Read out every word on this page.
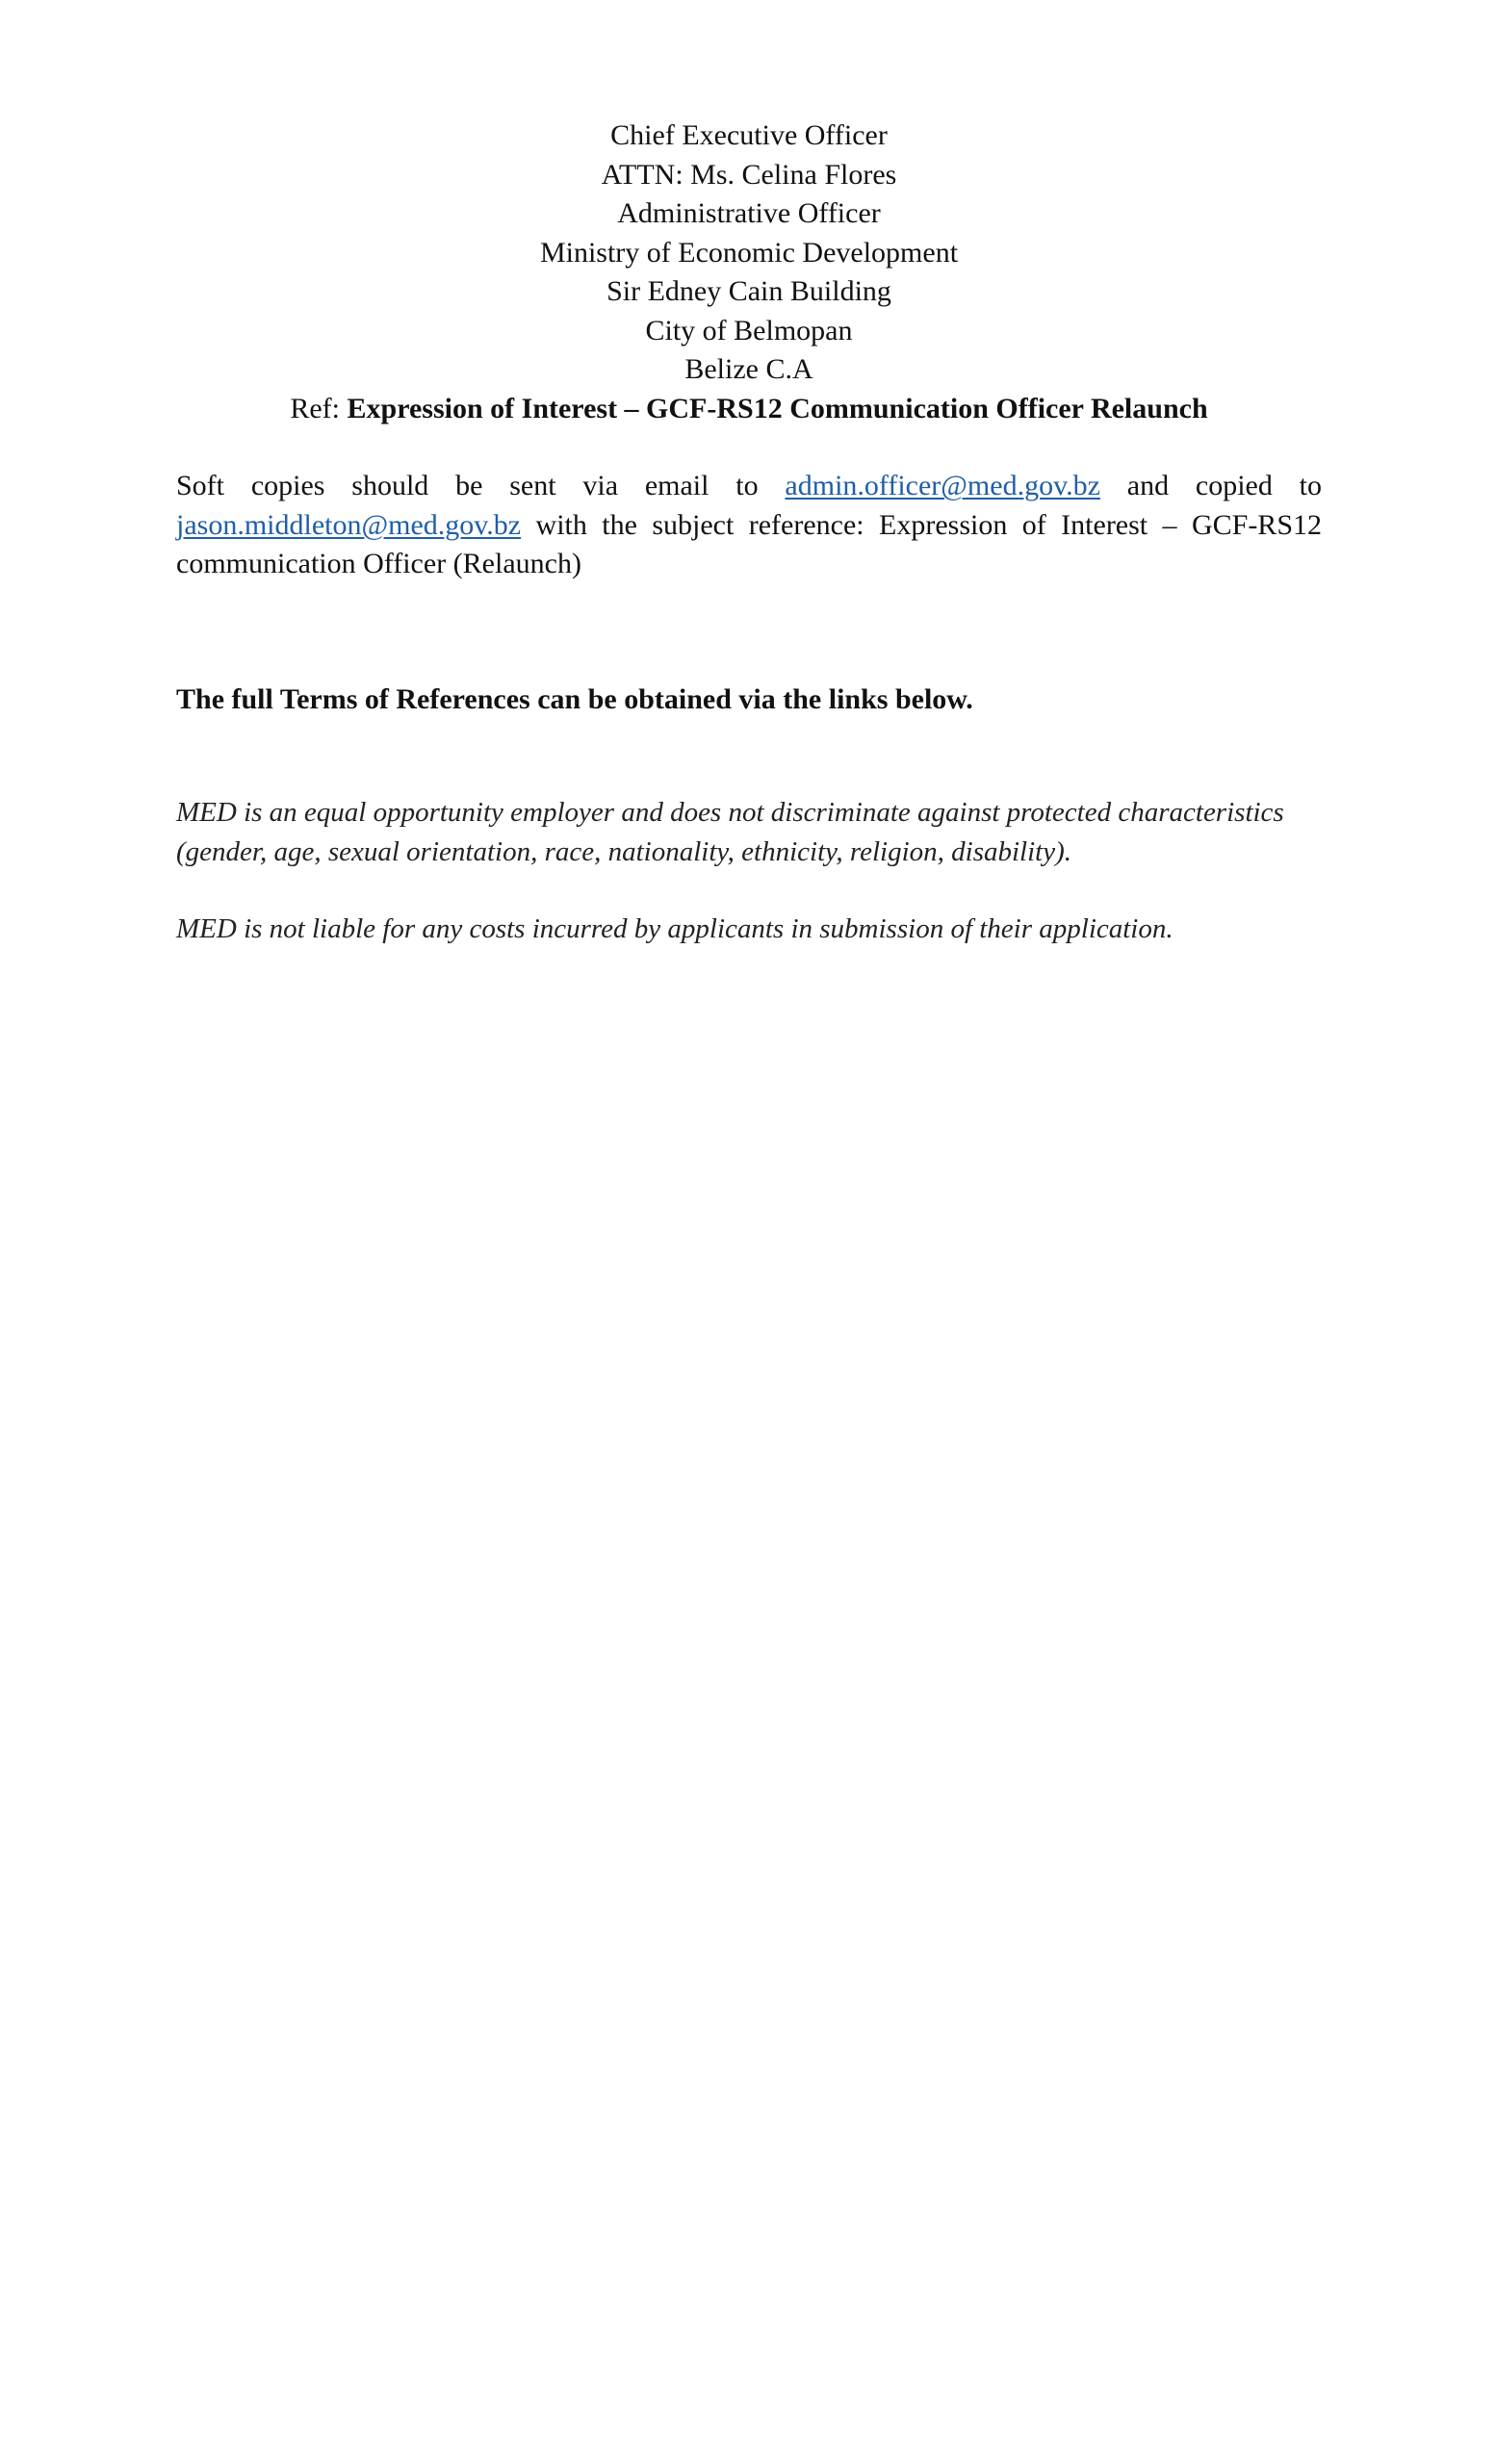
Chief Executive Officer
ATTN: Ms. Celina Flores
Administrative Officer
Ministry of Economic Development
Sir Edney Cain Building
City of Belmopan
Belize C.A
Ref: Expression of Interest – GCF-RS12 Communication Officer Relaunch

Soft copies should be sent via email to admin.officer@med.gov.bz and copied to jason.middleton@med.gov.bz with the subject reference: Expression of Interest – GCF-RS12 communication Officer (Relaunch)

The full Terms of References can be obtained via the links below.

MED is an equal opportunity employer and does not discriminate against protected characteristics (gender, age, sexual orientation, race, nationality, ethnicity, religion, disability).

MED is not liable for any costs incurred by applicants in submission of their application.
